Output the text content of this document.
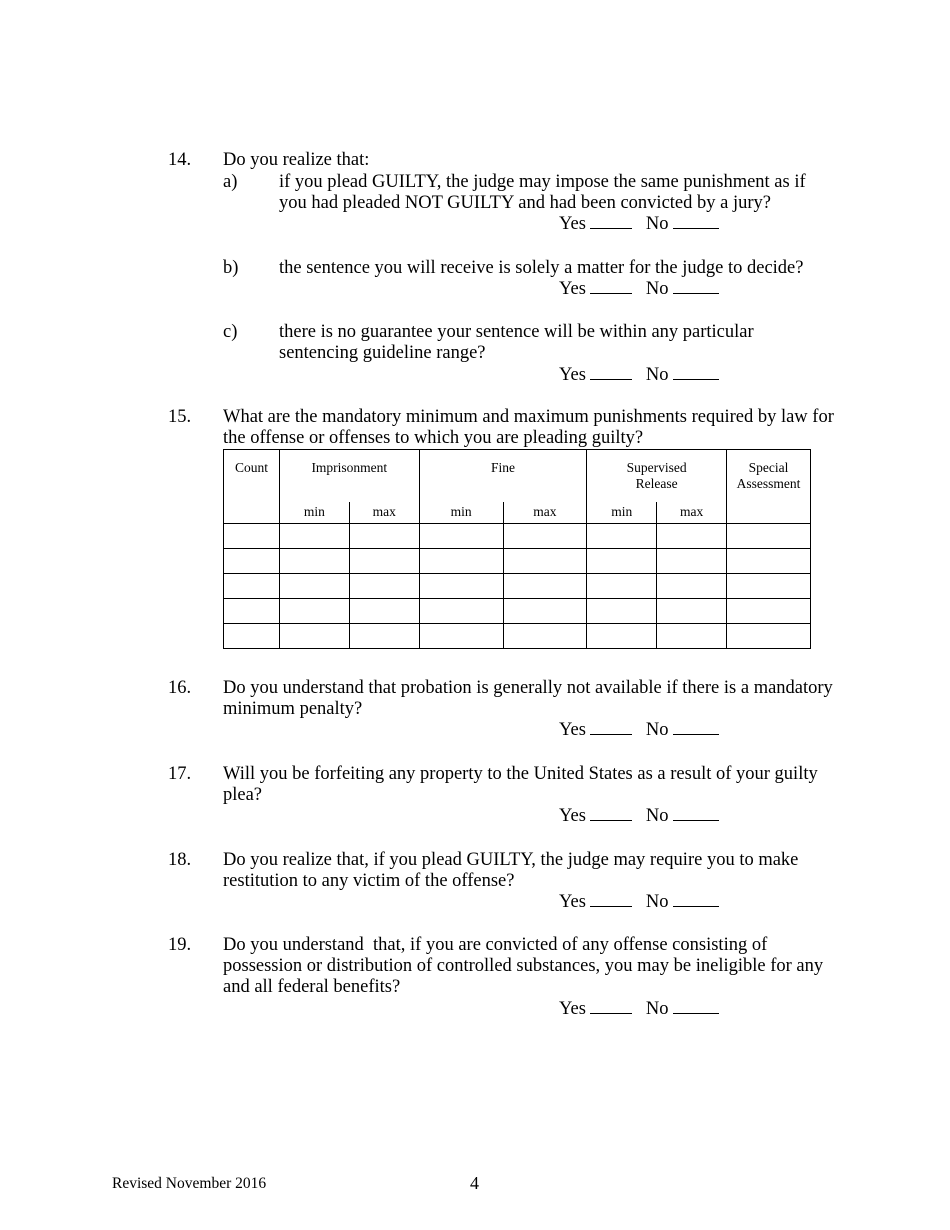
14. Do you realize that:
a) if you plead GUILTY, the judge may impose the same punishment as if
you had pleaded NOT GUILTY and had been convicted by a jury?
Yes	No
b) the sentence you will receive is solely a matter for the judge to decide?
Yes	No
c) there is no guarantee your sentence will be within any particular
sentencing guideline range?
Yes	No
15. What are the mandatory minimum and maximum punishments required by law for
the offense or offenses to which you are pleading guilty?
Count	Imprisonment		Fine		Supervised
Release		Special
Assessment
	min	max	min	max	min	max	

16. Do you understand that probation is generally not available if there is a mandatory
minimum penalty?
Yes	No
17. Will you be forfeiting any property to the United States as a result of your guilty
plea?
Yes	No
18. Do you realize that, if you plead GUILTY, the judge may require you to make
restitution to any victim of the offense?
Yes	No
19. Do you understand  that, if you are convicted of any offense consisting of
possession or distribution of controlled substances, you may be ineligible for any
and all federal benefits?
Yes	No
Revised November 2016	4
